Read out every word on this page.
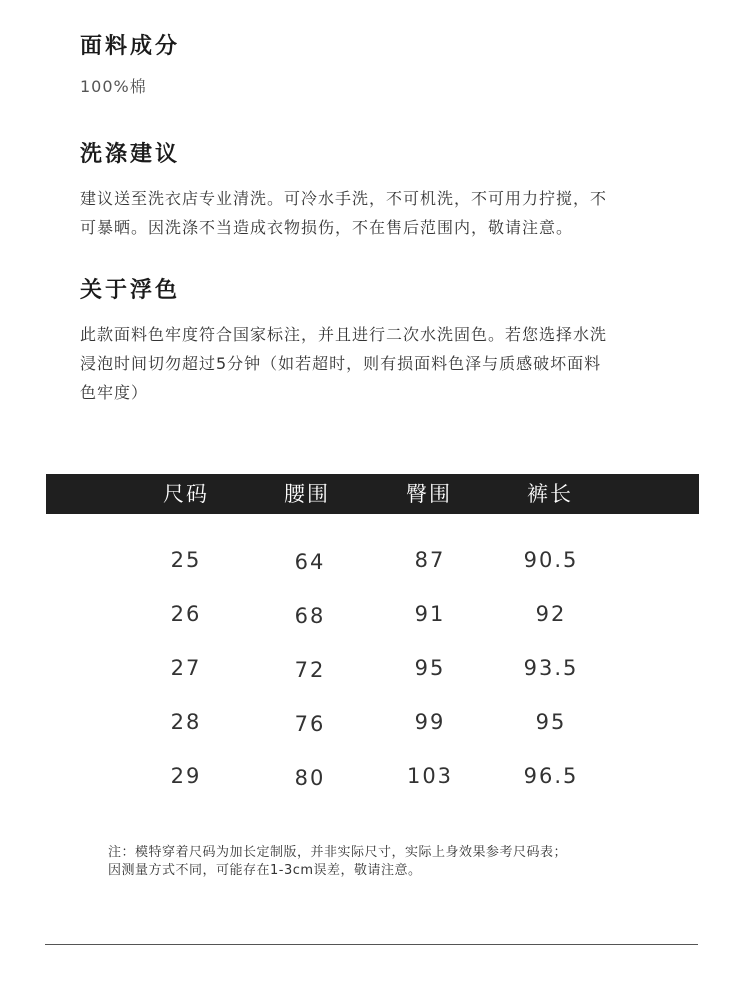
面料成分
100%棉
洗涤建议
建议送至洗衣店专业清洗。可冷水手洗，不可机洗，不可用力拧搅，不
可暴晒。因洗涤不当造成衣物损伤，不在售后范围内，敬请注意。
关于浮色
此款面料色牢度符合国家标注，并且进行二次水洗固色。若您选择水洗
浸泡时间切勿超过5分钟（如若超时，则有损面料色泽与质感破坏面料
色牢度）
尺码	腰围	臀围	裤长
25	64	87	90.5
26	68	91	92
27	72	95	93.5
28	76	99	95
29	80	103	96.5
注：模特穿着尺码为加长定制版，并非实际尺寸，实际上身效果参考尺码表；
因测量方式不同，可能存在1-3cm误差，敬请注意。
